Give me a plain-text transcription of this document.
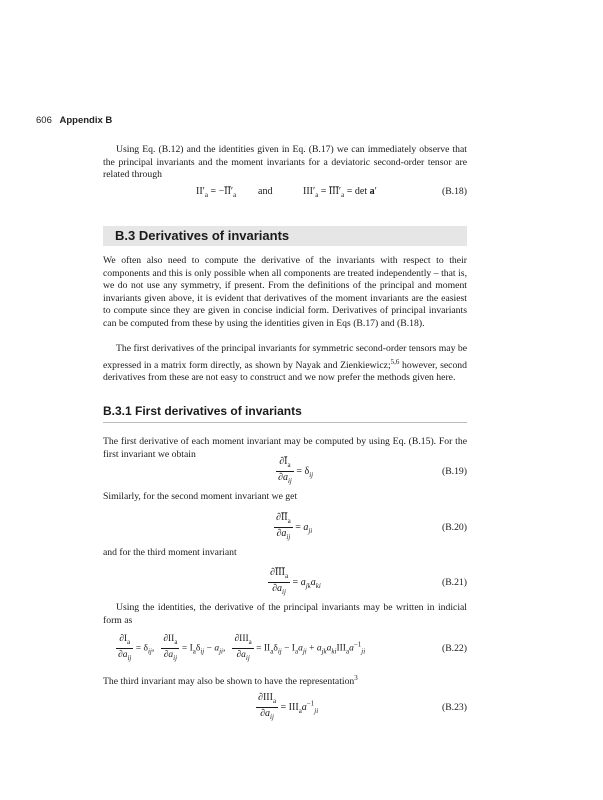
606 Appendix B

Using Eq. (B.12) and the identities given in Eq. (B.17) we can immediately observe that the principal invariants and the moment invariants for a deviatoric second-order tensor are related through

$II'_a$ = $-ĪĪ'_a$ and	$III'_a$ = $ĪĪĪ'_a = \det a'$	(B.18)
B.3 Derivatives of invariants

We often also need to compute the derivative of the invariants with respect to their components and this is only possible when all components are treated independently – that is, we do not use any symmetry, if present. From the definitions of the principal and moment invariants given above, it is evident that derivatives of the moment invariants are the easiest to compute since they are given in concise indicial form. Derivatives of principal invariants can be computed from these by using the identities given in Eqs (B.17) and (B.18).

The first derivatives of the principal invariants for symmetric second-order tensors may be expressed in a matrix form directly, as shown by Nayak and Zienkiewicz;$^{5,6}$ however, second derivatives from these are not easy to construct and we now prefer the methods given here.

B.3.1 First derivatives of invariants

The first derivative of each moment invariant may be computed by using Eq. (B.15). For the first invariant we obtain

$\frac{\partial Ī_a}{\partial a_{ij}} = \delta_{ij}$	(B.19)

Similarly, for the second moment invariant we get

$\frac{\partial ĪĪ_a}{\partial a_{ij}} = a_{ji}$	(B.20)

and for the third moment invariant

$\frac{\partial ĪĪĪ_a}{\partial a_{ij}} = a_{jk}a_{ki}$	(B.21)

Using the identities, the derivative of the principal invariants may be written in indicial form as

$\frac{\partial I_a}{\partial a_{ij}} = \delta_{ij}$, $\frac{\partial II_a}{\partial a_{ij}} = I_a\delta_{ij} - a_{ji}$, $\frac{\partial III_a}{\partial a_{ij}} = II_a\delta_{ij} - I_aa_{ji} + a_{jk}a_{ki}III_aa^{-1}_{ji}$	(B.22)

The third invariant may also be shown to have the representation$^3$

$\frac{\partial III_a}{\partial a_{ij}} = III_aa^{-1}_{ji}$	(B.23)
